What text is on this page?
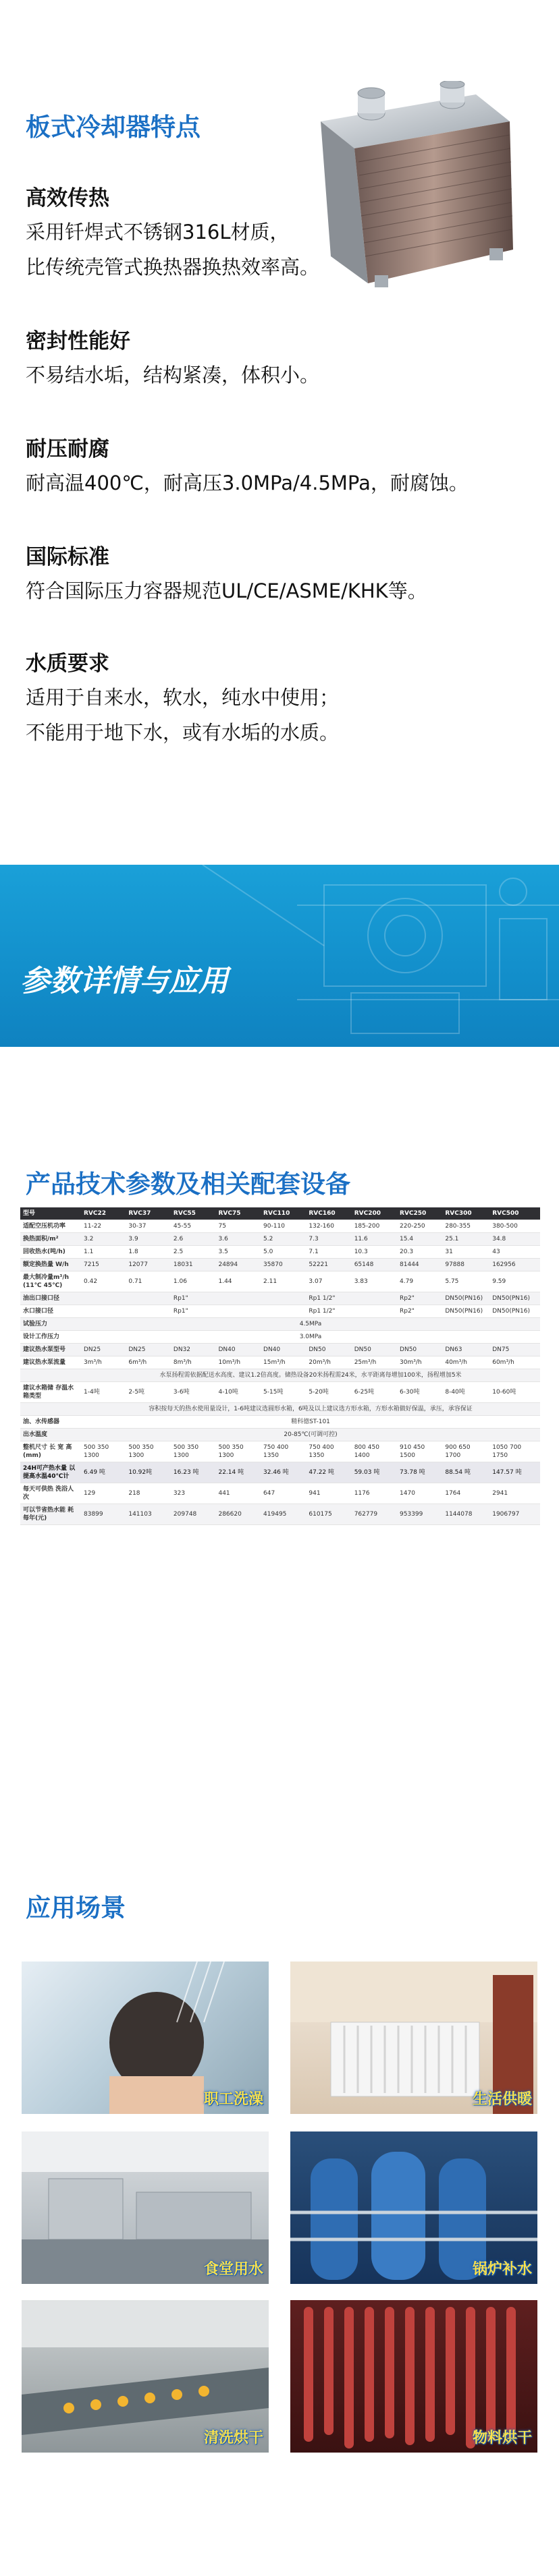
板式冷却器特点
高效传热
采用钎焊式不锈钢316L材质，
比传统壳管式换热器换热效率高。
密封性能好
不易结水垢，结构紧凑，体积小。
耐压耐腐
耐高温400℃，耐高压3.0MPa/4.5MPa，耐腐蚀。
国际标准
符合国际压力容器规范UL/CE/ASME/KHK等。
水质要求
适用于自来水，软水，纯水中使用；
不能用于地下水，或有水垢的水质。
参数详情与应用
产品技术参数及相关配套设备
型号	RVC22	RVC37	RVC55	RVC75	RVC110	RVC160	RVC200	RVC250	RVC300	RVC500
适配空压机功率	11-22	30-37	45-55	75	90-110	132-160	185-200	220-250	280-355	380-500
换热面积/m²	3.2	3.9	2.6	3.6	5.2	7.3	11.6	15.4	25.1	34.8
回收热水(吨/h)	1.1	1.8	2.5	3.5	5.0	7.1	10.3	20.3	31	43
额定换热量 W/h	7215	12077	18031	24894	35870	52221	65148	81444	97888	162956
最大制冷量m³/h (11℃ 45℃)	0.42	0.71	1.06	1.44	2.11	3.07	3.83	4.79	5.75	9.59
油出口接口径			Rp1"			Rp1 1/2"		Rp2"	DN50(PN16)	DN50(PN16)
水口接口径			Rp1"			Rp1 1/2"		Rp2"	DN50(PN16)	DN50(PN16)
试验压力	4.5MPa									
设计工作压力	3.0MPa									
建议热水泵型号	DN25	DN25	DN32	DN40	DN40	DN50	DN50	DN50	DN63	DN75
建议热水泵流量	3m³/h	6m³/h	8m³/h	10m³/h	15m³/h	20m³/h	25m³/h	30m³/h	40m³/h	60m³/h
	水泵扬程需依据配送水高度、建议1.2倍高度。储热设备20米扬程需24米，水平距离每增加100米，扬程增加5米									
建议水箱储 存温水箱类型	1-4吨	2-5吨	3-6吨	4-10吨	5-15吨	5-20吨	6-25吨	6-30吨	8-40吨	10-60吨
	容积按每天的热水使用量设计，1-6吨建议选圆形水箱，6吨及以上建议选方形水箱，方形水箱做好保温，承压，承容保证									
油、水传感器	精科德ST-101									
出水温度	20-85℃(可调可控)									
整机尺寸 长 宽 高 (mm)	500 350 1300	500 350 1300	500 350 1300	500 350 1300	750 400 1350	750 400 1350	800 450 1400	910 450 1500	900 650 1700	1050 700 1750
24H可产热水量 以提高水温40℃计	6.49 吨	10.92吨	16.23 吨	22.14 吨	32.46 吨	47.22 吨	59.03 吨	73.78 吨	88.54 吨	147.57 吨
每天可供热 洗浴人次	129	218	323	441	647	941	1176	1470	1764	2941
可以节省热水能 耗每年(元)	83899	141103	209748	286620	419495	610175	762779	953399	1144078	1906797
应用场景
职工洗澡	生活供暖
食堂用水	锅炉补水
清洗烘干	物料烘干
